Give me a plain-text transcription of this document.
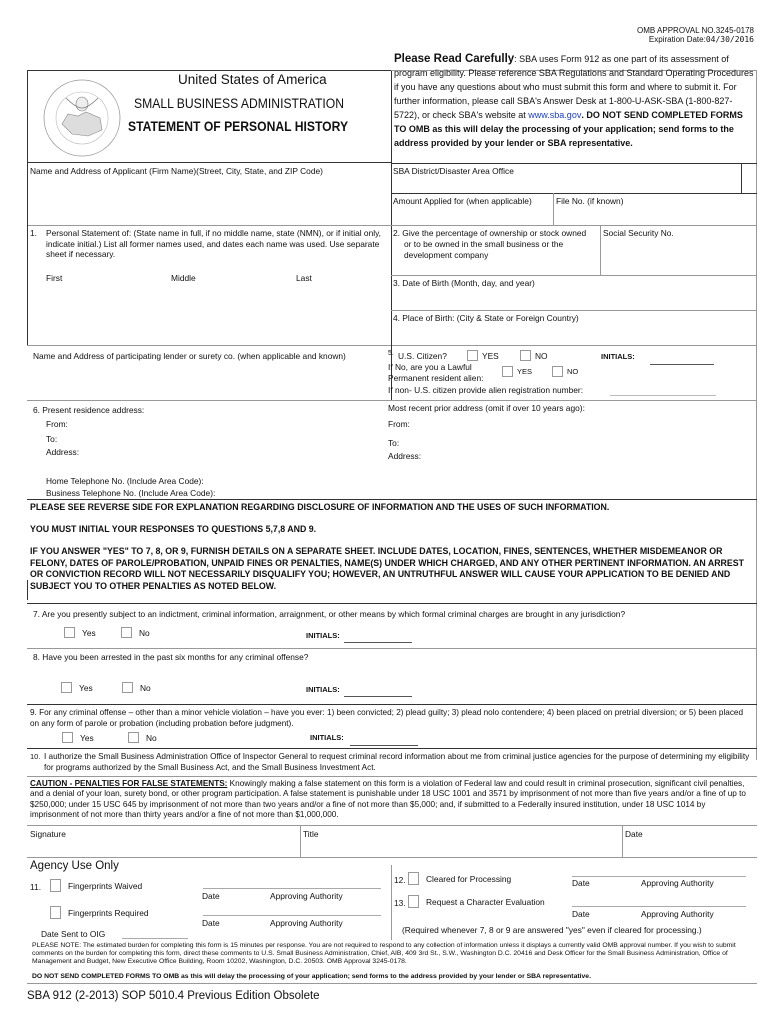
OMB APPROVAL NO.3245-0178
Expiration Date:04/30/2016
United States of America
SMALL BUSINESS ADMINISTRATION
STATEMENT OF PERSONAL HISTORY
Please Read Carefully: SBA uses Form 912 as one part of its assessment of program eligibility. Please reference SBA Regulations and Standard Operating Procedures if you have any questions about who must submit this form and where to submit it. For further information, please call SBA's Answer Desk at 1-800-U-ASK-SBA (1-800-827-5722), or check SBA's website at www.sba.gov. DO NOT SEND COMPLETED FORMS TO OMB as this will delay the processing of your application; send forms to the address provided by your lender or SBA representative.
Name and Address of Applicant (Firm Name)(Street, City, State, and ZIP Code)	SBA District/Disaster Area Office
Amount Applied for (when applicable)	File No. (if known)
1. Personal Statement of: (State name in full, if no middle name, state (NMN), or if initial only, indicate initial.) List all former names used, and dates each name was used. Use separate sheet if necessary.
First	Middle	Last
2. Give the percentage of ownership or stock owned
or to be owned in the small business or the development company
Social Security No.
3. Date of Birth (Month, day, and year)
4. Place of Birth: (City & State or Foreign Country)
Name and Address of participating lender or surety co. (when applicable and known)	5. U.S. Citizen?	YES	NO	INITIALS:
If No, are you a Lawful
Permanent resident alien:
YES	NO
If non- U.S. citizen provide alien registration number:
6. Present residence address:
From:
To:
Address:
Home Telephone No. (Include Area Code):
Business Telephone No. (Include Area Code):
Most recent prior address (omit if over 10 years ago):
From:
To:
Address:
PLEASE SEE REVERSE SIDE FOR EXPLANATION REGARDING DISCLOSURE OF INFORMATION AND THE USES OF SUCH INFORMATION.
YOU MUST INITIAL YOUR RESPONSES TO QUESTIONS 5,7,8 AND 9.
IF YOU ANSWER "YES" TO 7, 8, OR 9, FURNISH DETAILS ON A SEPARATE SHEET. INCLUDE DATES, LOCATION, FINES, SENTENCES, WHETHER MISDEMEANOR OR FELONY, DATES OF PAROLE/PROBATION, UNPAID FINES OR PENALTIES, NAME(S) UNDER WHICH CHARGED, AND ANY OTHER PERTINENT INFORMATION. AN ARREST OR CONVICTION RECORD WILL NOT NECESSARILY DISQUALIFY YOU; HOWEVER, AN UNTRUTHFUL ANSWER WILL CAUSE YOUR APPLICATION TO BE DENIED AND SUBJECT YOU TO OTHER PENALTIES AS NOTED BELOW.
7. Are you presently subject to an indictment, criminal information, arraignment, or other means by which formal criminal charges are brought in any jurisdiction?
Yes	No	INITIALS:
8. Have you been arrested in the past six months for any criminal offense?
Yes	No	INITIALS:
9. For any criminal offense – other than a minor vehicle violation – have you ever: 1) been convicted; 2) plead guilty; 3) plead nolo contendere; 4) been placed on pretrial diversion; or 5) been placed on any form of parole or probation (including probation before judgment).
Yes	No	INITIALS:
10. I authorize the Small Business Administration Office of Inspector General to request criminal record information about me from criminal justice agencies for the purpose of determining my eligibility for programs authorized by the Small Business Act, and the Small Business Investment Act.
CAUTION - PENALTIES FOR FALSE STATEMENTS: Knowingly making a false statement on this form is a violation of Federal law and could result in criminal prosecution, significant civil penalties, and a denial of your loan, surety bond, or other program participation. A false statement is punishable under 18 USC 1001 and 3571 by imprisonment of not more than five years and/or a fine of up to $250,000; under 15 USC 645 by imprisonment of not more than two years and/or a fine of not more than $5,000; and, if submitted to a Federally insured institution, under 18 USC 1014 by imprisonment of not more than thirty years and/or a fine of not more than $1,000,000.
Signature	Title	Date
Agency Use Only
11.	Fingerprints Waived
Date	Approving Authority
Fingerprints Required
Date	Approving Authority
Date Sent to OIG
12. Cleared for Processing	Date	Approving Authority
13. Request a Character Evaluation
Date	Approving Authority
(Required whenever 7, 8 or 9 are answered "yes" even if cleared for processing.)
PLEASE NOTE: The estimated burden for completing this form is 15 minutes per response. You are not required to respond to any collection of information unless it displays a currently valid OMB approval number. If you wish to submit comments on the burden for completing this form, direct these comments to U.S. Small Business Administration, Chief, AIB, 409 3rd St., S.W., Washington D.C. 20416 and Desk Officer for the Small Business Administration, Office of Management and Budget, New Executive Office Building, Room 10202, Washington, D.C. 20503. OMB Approval 3245-0178.
DO NOT SEND COMPLETED FORMS TO OMB as this will delay the processing of your application; send forms to the address provided by your lender or SBA representative.
SBA 912 (2-2013) SOP 5010.4 Previous Edition Obsolete
